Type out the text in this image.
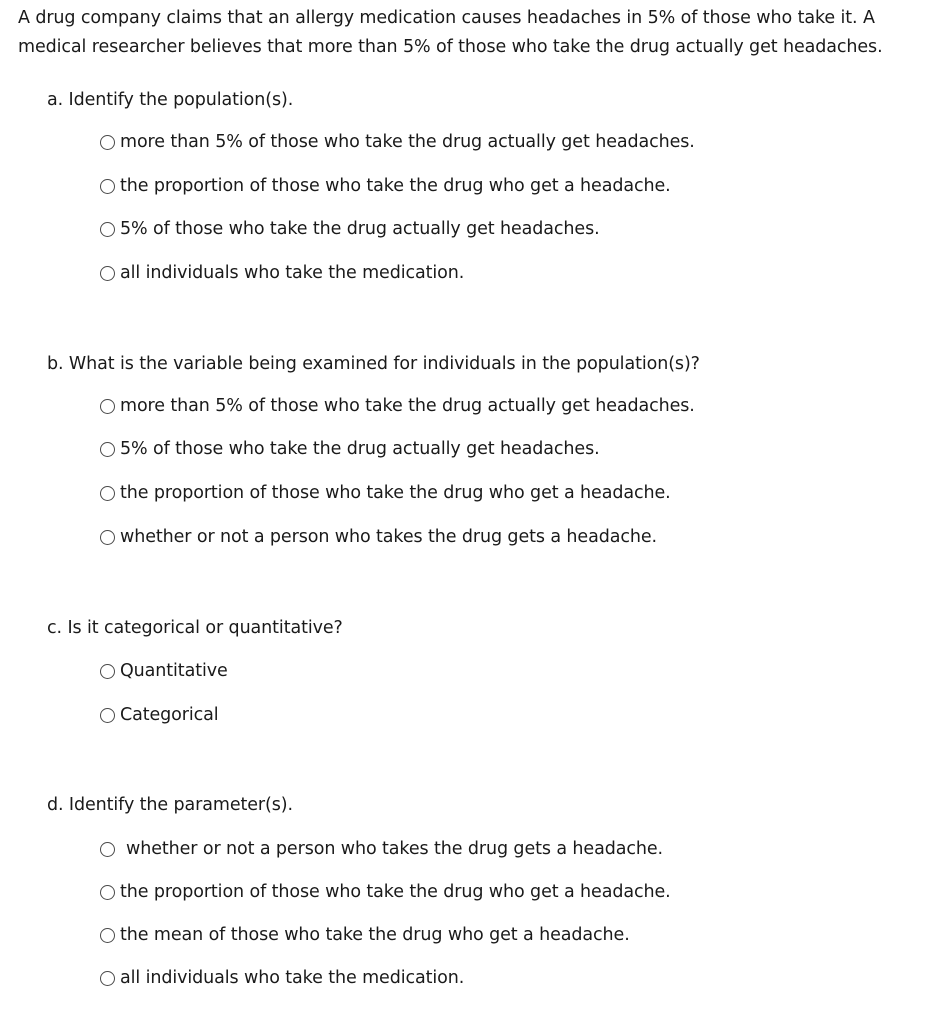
A drug company claims that an allergy medication causes headaches in 5% of those who take it. A
medical researcher believes that more than 5% of those who take the drug actually get headaches.
a. Identify the population(s).
more than 5% of those who take the drug actually get headaches.
the proportion of those who take the drug who get a headache.
5% of those who take the drug actually get headaches.
all individuals who take the medication.
b. What is the variable being examined for individuals in the population(s)?
more than 5% of those who take the drug actually get headaches.
5% of those who take the drug actually get headaches.
the proportion of those who take the drug who get a headache.
whether or not a person who takes the drug gets a headache.
c. Is it categorical or quantitative?
Quantitative
Categorical
d. Identify the parameter(s).
whether or not a person who takes the drug gets a headache.
the proportion of those who take the drug who get a headache.
the mean of those who take the drug who get a headache.
all individuals who take the medication.
